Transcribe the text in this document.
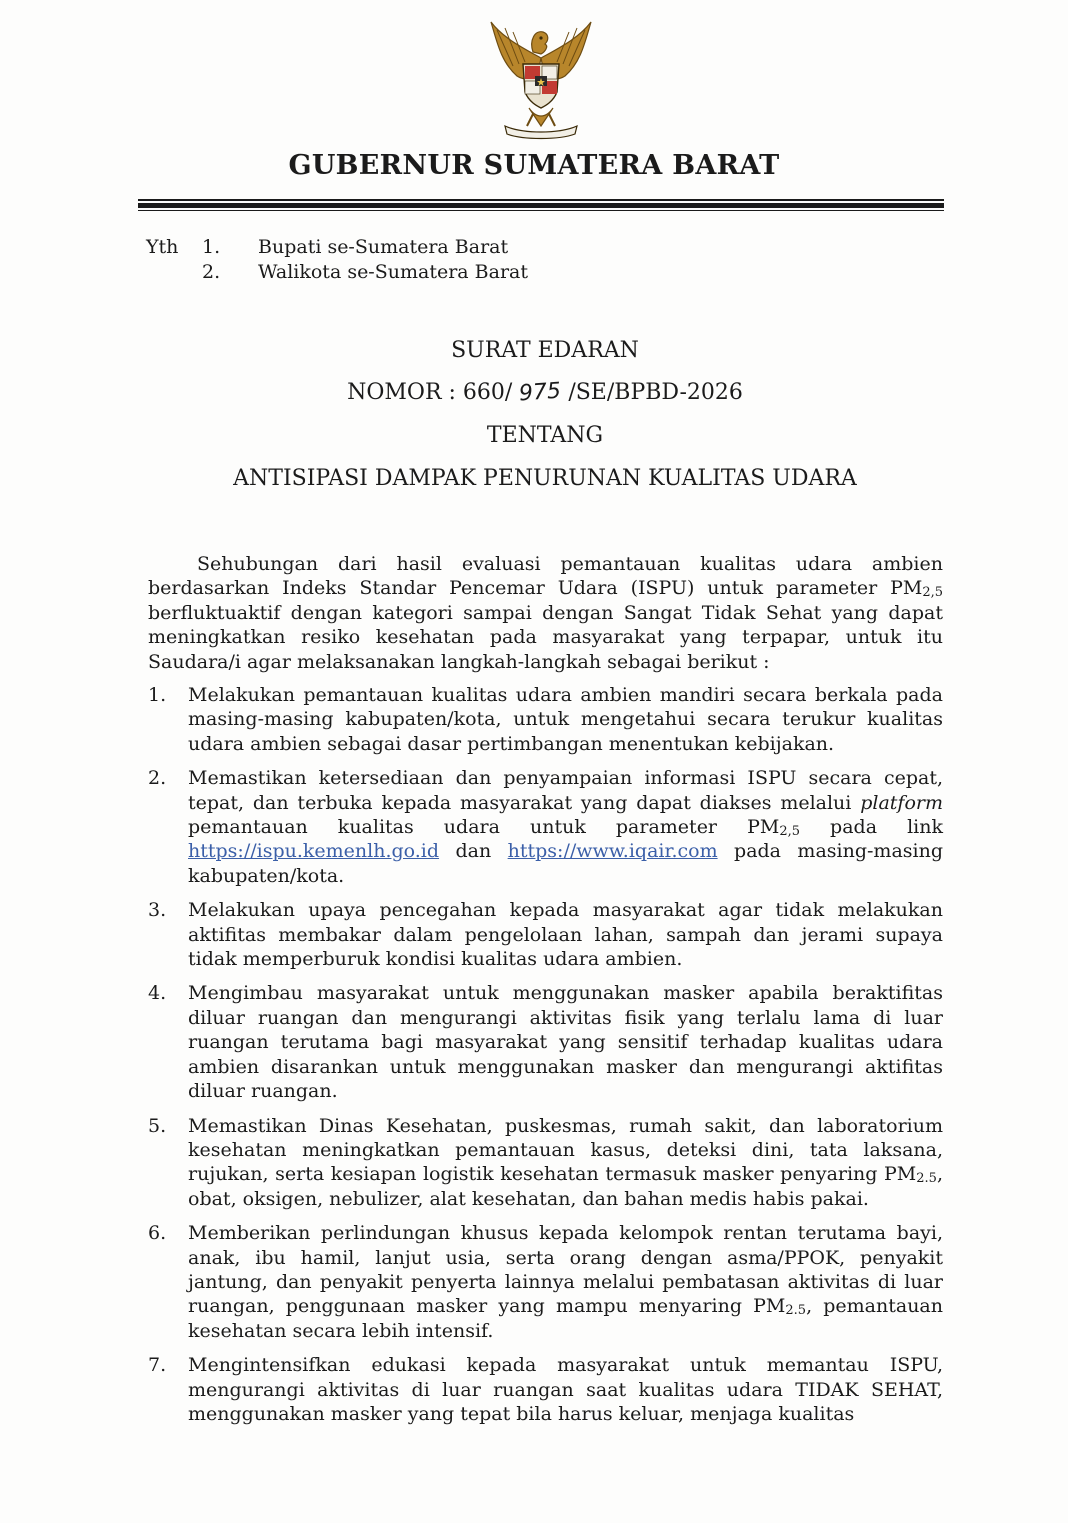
GUBERNUR SUMATERA BARAT
Yth	1.	Bupati se-Sumatera Barat
2.	Walikota se-Sumatera Barat
SURAT EDARAN
NOMOR : 660/ 975 /SE/BPBD-2026
TENTANG
ANTISIPASI DAMPAK PENURUNAN KUALITAS UDARA
Sehubungan dari hasil evaluasi pemantauan kualitas udara ambien berdasarkan Indeks Standar Pencemar Udara (ISPU) untuk parameter $PM_{2,5}$ berfluktuaktif dengan kategori sampai dengan Sangat Tidak Sehat yang dapat meningkatkan resiko kesehatan pada masyarakat yang terpapar, untuk itu Saudara/i agar melaksanakan langkah-langkah sebagai berikut :
1.	Melakukan pemantauan kualitas udara ambien mandiri secara berkala pada masing-masing kabupaten/kota, untuk mengetahui secara terukur kualitas udara ambien sebagai dasar pertimbangan menentukan kebijakan.
2.	Memastikan ketersediaan dan penyampaian informasi ISPU secara cepat, tepat, dan terbuka kepada masyarakat yang dapat diakses melalui platform pemantauan kualitas udara untuk parameter $PM_{2,5}$ pada link https://ispu.kemenlh.go.id dan https://www.iqair.com pada masing-masing kabupaten/kota.
3.	Melakukan upaya pencegahan kepada masyarakat agar tidak melakukan aktifitas membakar dalam pengelolaan lahan, sampah dan jerami supaya tidak memperburuk kondisi kualitas udara ambien.
4.	Mengimbau masyarakat untuk menggunakan masker apabila beraktifitas diluar ruangan dan mengurangi aktivitas fisik yang terlalu lama di luar ruangan terutama bagi masyarakat yang sensitif terhadap kualitas udara ambien disarankan untuk menggunakan masker dan mengurangi aktifitas diluar ruangan.
5.	Memastikan Dinas Kesehatan, puskesmas, rumah sakit, dan laboratorium kesehatan meningkatkan pemantauan kasus, deteksi dini, tata laksana, rujukan, serta kesiapan logistik kesehatan termasuk masker penyaring $PM_{2.5}$, obat, oksigen, nebulizer, alat kesehatan, dan bahan medis habis pakai.
6.	Memberikan perlindungan khusus kepada kelompok rentan terutama bayi, anak, ibu hamil, lanjut usia, serta orang dengan asma/PPOK, penyakit jantung, dan penyakit penyerta lainnya melalui pembatasan aktivitas di luar ruangan, penggunaan masker yang mampu menyaring $PM_{2.5}$, pemantauan kesehatan secara lebih intensif.
7.	Mengintensifkan edukasi kepada masyarakat untuk memantau ISPU, mengurangi aktivitas di luar ruangan saat kualitas udara TIDAK SEHAT, menggunakan masker yang tepat bila harus keluar, menjaga kualitas
